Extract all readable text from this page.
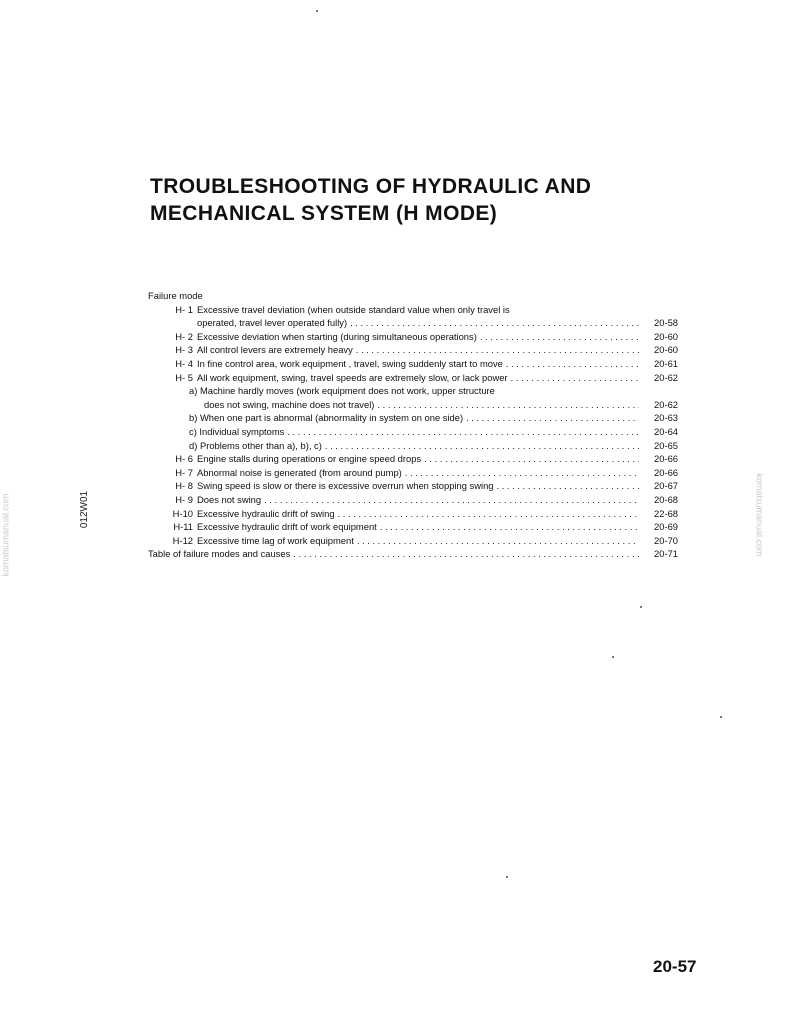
TROUBLESHOOTING OF HYDRAULIC AND
MECHANICAL SYSTEM (H MODE)
Failure mode
H- 1 Excessive travel deviation (when outside standard value when only travel is
operated, travel lever operated fully) . . .	20-58
H- 2 Excessive deviation when starting (during simultaneous operations) . . .	20-60
H- 3 All control levers are extremely heavy . . .	20-60
H- 4 In fine control area, work equipment , travel, swing suddenly start to move . . .	20-61
H- 5 All work equipment, swing, travel speeds are extremely slow, or lack power . . .	20-62
a) Machine hardly moves (work equipment does not work, upper structure
does not swing, machine does not travel) . . .	20-62
b) When one part is abnormal (abnormality in system on one side) . . .	20-63
c) Individual symptoms . . .	20-64
d) Problems other than a), b), c) . . .	20-65
H- 6 Engine stalls during operations or engine speed drops . . .	20-66
H- 7 Abnormal noise is generated (from around pump) . . .	20-66
H- 8 Swing speed is slow or there is excessive overrun when stopping swing . . .	20-67
H- 9 Does not swing . . .	20-68
H-10 Excessive hydraulic drift of swing . . .	22-68
H-11 Excessive hydraulic drift of work equipment . . .	20-69
H-12 Excessive time lag of work equipment . . .	20-70
Table of failure modes and causes . . .	20-71
012W01
komatsumanual.com	komatsumanual.com
20-57
